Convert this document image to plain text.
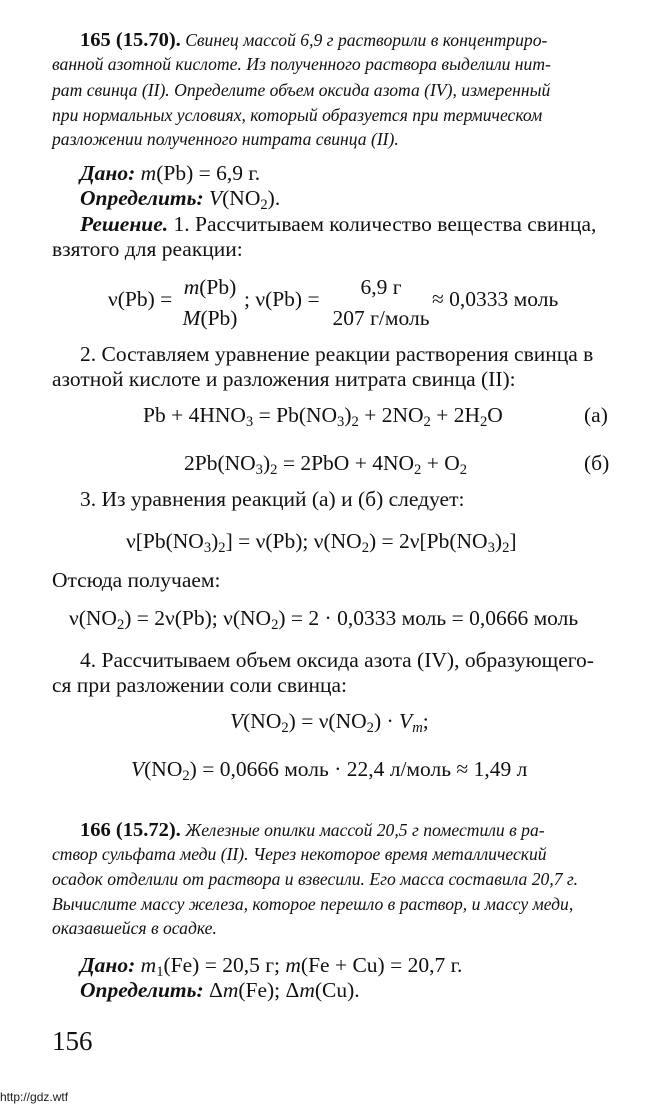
165 (15.70). Свинец массой 6,9 г растворили в концентриро-
ванной азотной кислоте. Из полученного раствора выделили нит-
рат свинца (II). Определите объем оксида азота (IV), измеренный
при нормальных условиях, который образуется при термическом
разложении полученного нитрата свинца (II).
Дано: m(Pb) = 6,9 г.
Определить: $V(NO_2)$.
Решение. 1. Рассчитываем количество вещества свинца,
взятого для реакции:
ν(Pb) = m(Pb)
M(Pb)
; ν(Pb) =	6,9 г
207 г/моль
≈ 0,0333 моль
2. Составляем уравнение реакции растворения свинца в
азотной кислоте и разложения нитрата свинца (II):
$Pb + 4HNO_3 = Pb(NO_3)_2 + 2NO_2 + 2H_2O$	(а)
$2Pb(NO_3)_2 = 2PbO + 4NO_2 + O_2$	(б)
3. Из уравнения реакций (а) и (б) следует:
$\nu[Pb(NO_3)_2] = \nu(Pb)$; $\nu(NO_2) = 2\nu[Pb(NO_3)_2]$
Отсюда получаем:
$\nu(NO_2) = 2\nu(Pb)$; $\nu(NO_2) = 2 \cdot 0,0333$ моль = 0,0666 моль
4. Рассчитываем объем оксида азота (IV), образующего-
ся при разложении соли свинца:
$V(NO_2) = \nu(NO_2) \cdot V_m$;
$V(NO_2) = 0,0666$ моль · 22,4 л/моль ≈ 1,49 л
166 (15.72). Железные опилки массой 20,5 г поместили в ра-
створ сульфата меди (II). Через некоторое время металлический
осадок отделили от раствора и взвесили. Его масса составила 20,7 г.
Вычислите массу железа, которое перешло в раствор, и массу меди,
оказавшейся в осадке.
Дано: $m_1(Fe) = 20,5$ г; m(Fe + Cu) = 20,7 г.
Определить: Δm(Fe); Δm(Cu).
156
http://gdz.wtf
